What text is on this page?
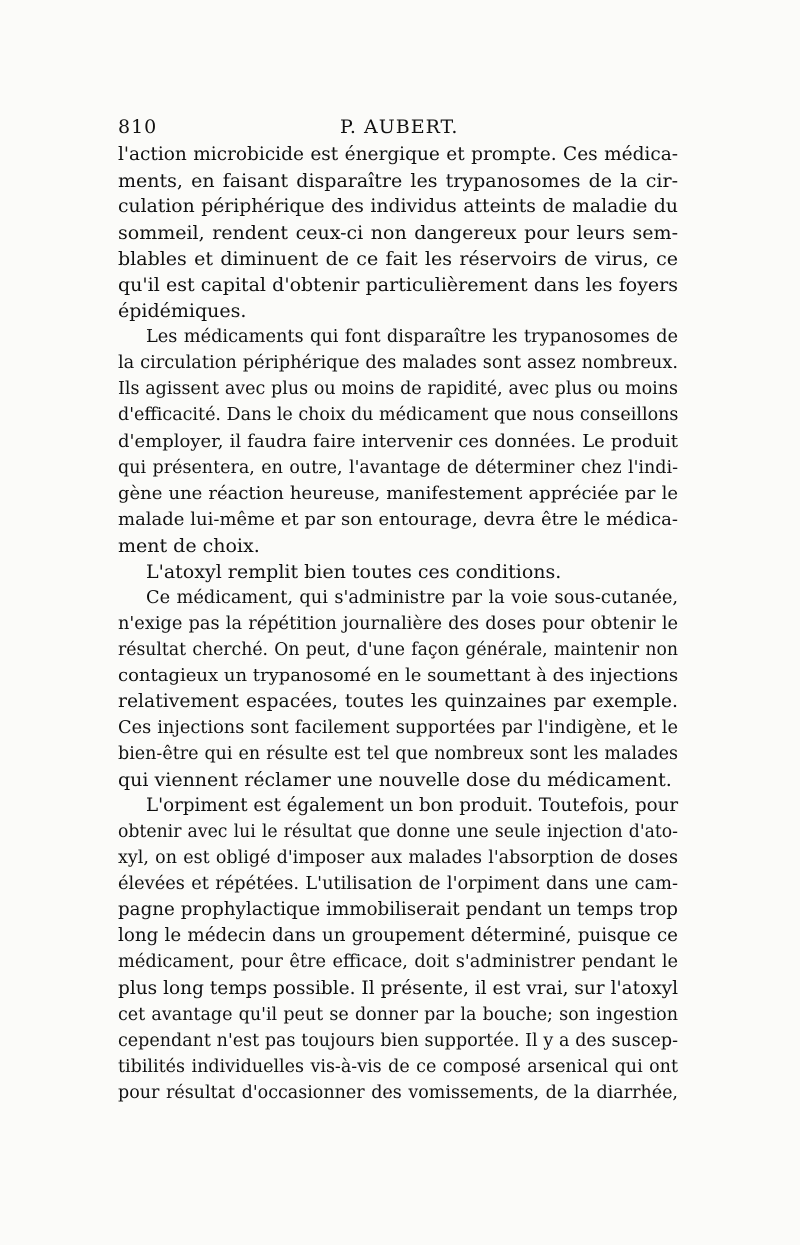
810	P. AUBERT.
l'action microbicide est énergique et prompte. Ces médica-
ments, en faisant disparaître les trypanosomes de la cir-
culation périphérique des individus atteints de maladie du
sommeil, rendent ceux-ci non dangereux pour leurs sem-
blables et diminuent de ce fait les réservoirs de virus, ce
qu'il est capital d'obtenir particulièrement dans les foyers
épidémiques.
Les médicaments qui font disparaître les trypanosomes de
la circulation périphérique des malades sont assez nombreux.
Ils agissent avec plus ou moins de rapidité, avec plus ou moins
d'efficacité. Dans le choix du médicament que nous conseillons
d'employer, il faudra faire intervenir ces données. Le produit
qui présentera, en outre, l'avantage de déterminer chez l'indi-
gène une réaction heureuse, manifestement appréciée par le
malade lui-même et par son entourage, devra être le médica-
ment de choix.
L'atoxyl remplit bien toutes ces conditions.
Ce médicament, qui s'administre par la voie sous-cutanée,
n'exige pas la répétition journalière des doses pour obtenir le
résultat cherché. On peut, d'une façon générale, maintenir non
contagieux un trypanosomé en le soumettant à des injections
relativement espacées, toutes les quinzaines par exemple.
Ces injections sont facilement supportées par l'indigène, et le
bien-être qui en résulte est tel que nombreux sont les malades
qui viennent réclamer une nouvelle dose du médicament.
L'orpiment est également un bon produit. Toutefois, pour
obtenir avec lui le résultat que donne une seule injection d'ato-
xyl, on est obligé d'imposer aux malades l'absorption de doses
élevées et répétées. L'utilisation de l'orpiment dans une cam-
pagne prophylactique immobiliserait pendant un temps trop
long le médecin dans un groupement déterminé, puisque ce
médicament, pour être efficace, doit s'administrer pendant le
plus long temps possible. Il présente, il est vrai, sur l'atoxyl
cet avantage qu'il peut se donner par la bouche; son ingestion
cependant n'est pas toujours bien supportée. Il y a des suscep-
tibilités individuelles vis-à-vis de ce composé arsenical qui ont
pour résultat d'occasionner des vomissements, de la diarrhée,
